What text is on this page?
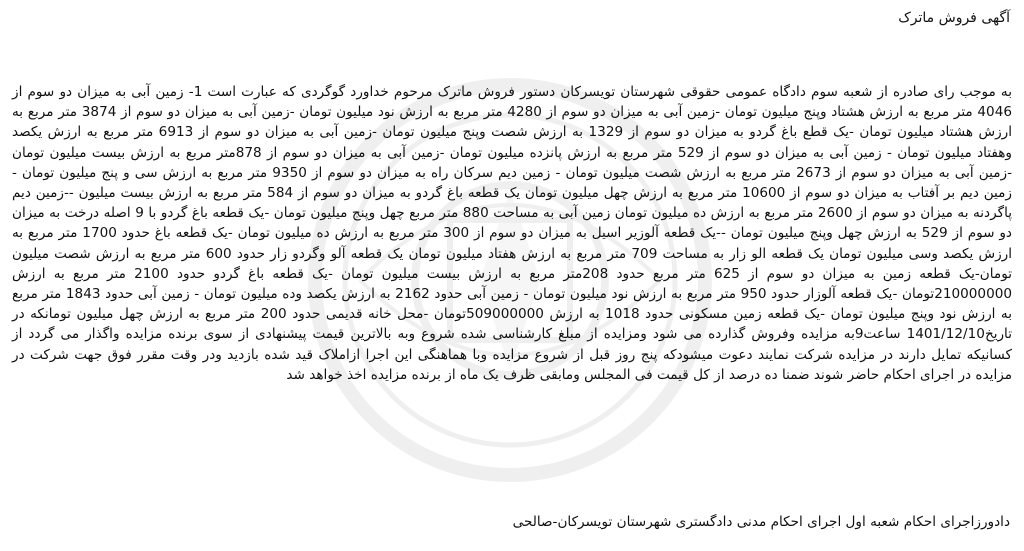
آگهی فروش ماترک
به موجب رای صادره از شعبه سوم دادگاه عمومی حقوقی شهرستان تویسرکان دستور فروش ماترک مرحوم خداورد گوگردی که عبارت است 1- زمین آبی به میزان دو سوم از 4046 متر مربع به ارزش هشتاد وپنج میلیون تومان -زمین آبی به میزان دو سوم از 4280 متر مربع به ارزش نود میلیون تومان -زمین آبی به میزان دو سوم از 3874 متر مربع به ارزش هشتاد میلیون تومان -یک قطع باغ گردو به میزان دو سوم از 1329 به ارزش شصت وپنج میلیون تومان -زمین آبی به میزان دو سوم از 6913 متر مربع به ارزش یکصد وهفتاد میلیون تومان - زمین آبی به میزان دو سوم از 529 متر مربع به ارزش پانزده میلیون تومان -زمین آبی به میزان دو سوم از 878متر مربع به ارزش بیست میلیون تومان -زمین آبی به میزان دو سوم از 2673 متر مربع به ارزش شصت میلیون تومان - زمین دیم سرکان راه به میزان دو سوم از 9350 متر مربع به ارزش سی و پنج میلیون تومان - زمین دیم بر آفتاب به میزان دو سوم از 10600 متر مربع به ارزش چهل میلیون تومان یک قطعه باغ گردو به میزان دو سوم از 584 متر مربع به ارزش بیست میلیون --زمین دیم پاگردنه به میزان دو سوم از 2600 متر مربع به ارزش ده میلیون تومان زمین آبی به مساحت 880 متر مربع چهل وپنج میلیون تومان -یک قطعه باغ گردو با 9 اصله درخت به میزان دو سوم از 529 به ارزش چهل وپنج میلیون تومان --یک قطعه آلوزیر اسیل به میزان دو سوم از 300 متر مربع به ارزش ده میلیون تومان -یک قطعه باغ حدود 1700 متر مربع به ارزش یکصد وسی میلیون تومان یک قطعه الو زار به مساحت 709 متر مربع به ارزش هفتاد میلیون تومان یک قطعه آلو وگردو زار حدود 600 متر مربع به ارزش شصت میلیون تومان-یک قطعه زمین به میزان دو سوم از 625 متر مربع حدود 208متر مربع به ارزش بیست میلیون تومان -یک قطعه باغ گردو حدود 2100 متر مربع به ارزش 210000000تومان -یک قطعه آلوزار حدود 950 متر مربع به ارزش نود میلیون تومان - زمین آبی حدود 2162 به ارزش یکصد وده میلیون تومان - زمین آبی حدود 1843 متر مربع به ارزش نود وپنج میلیون تومان -یک قطعه زمین مسکونی حدود 1018 به ارزش 509000000تومان -محل خانه قدیمی حدود 200 متر مربع به ارزش چهل میلیون تومانکه در تاریخ1401/12/10 ساعت9به مزایده وفروش گذارده می شود ومزایده از مبلغ کارشناسی شده شروع وبه بالاترین قیمت پیشنهادی از سوی برنده مزایده واگذار می گردد از کسانیکه تمایل دارند در مزایده شرکت نمایند دعوت میشودکه پنج روز قبل از شروع مزایده وبا هماهنگی این اجرا ازاملاک قید شده بازدید ودر وقت مقرر فوق جهت شرکت در مزایده در اجرای احکام حاضر شوند ضمنا ده درصد از کل قیمت فی المجلس ومابقی ظرف یک ماه از برنده مزایده اخذ خواهد شد
دادورزاجرای احکام شعبه اول اجرای احکام مدنی دادگستری شهرستان تویسرکان-صالحی
